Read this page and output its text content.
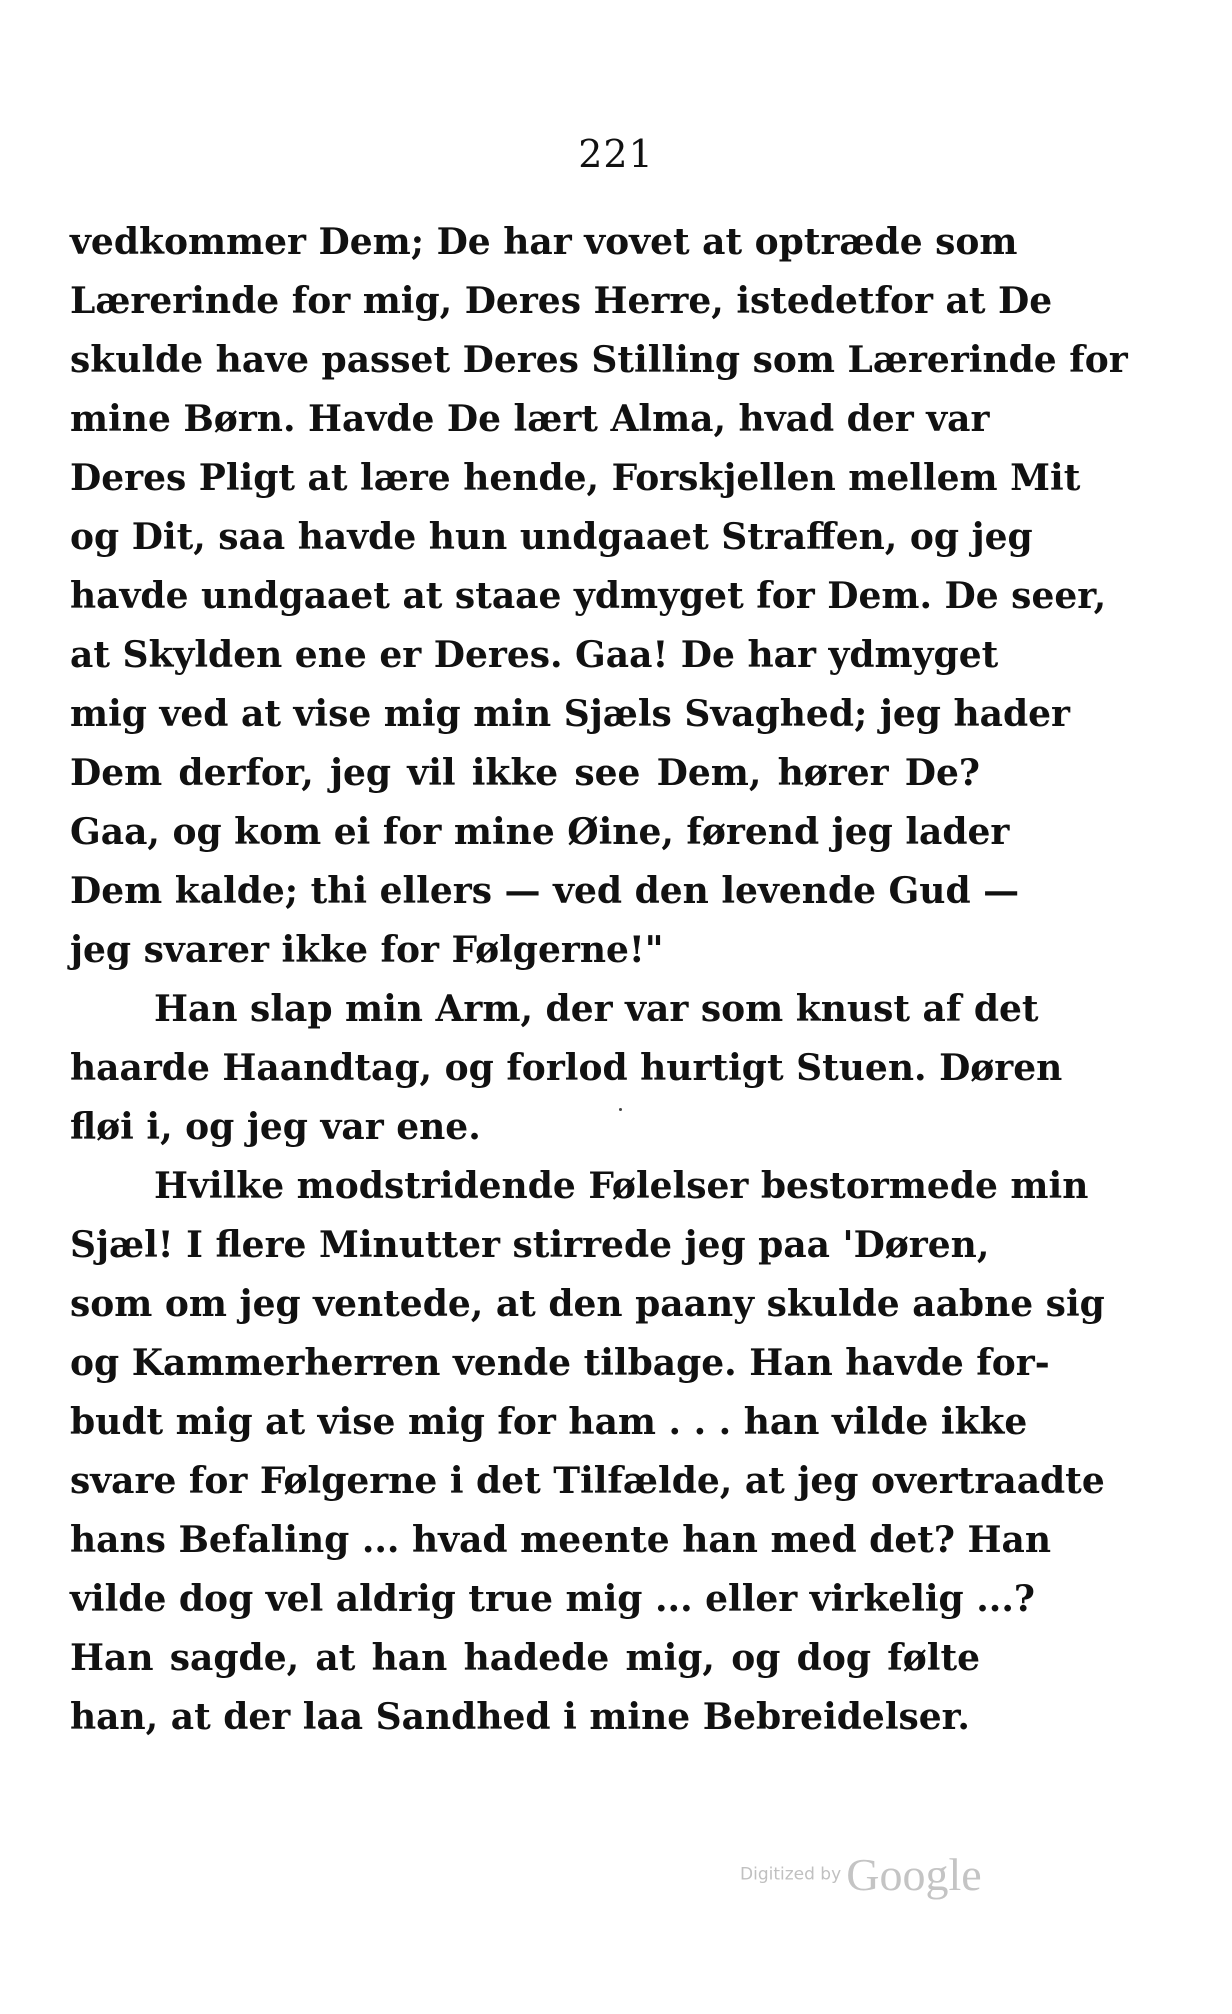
221
vedkommer Dem; De har vovet at optræde som
Lærerinde for mig, Deres Herre, istedetfor at De
skulde have passet Deres Stilling som Lærerinde for
mine Børn. Havde De lært Alma, hvad der var
Deres Pligt at lære hende, Forskjellen mellem Mit
og Dit, saa havde hun undgaaet Straffen, og jeg
havde undgaaet at staae ydmyget for Dem. De seer,
at Skylden ene er Deres. Gaa! De har ydmyget
mig ved at vise mig min Sjæls Svaghed; jeg hader
Dem derfor, jeg vil ikke see Dem, hører De?
Gaa, og kom ei for mine Øine, førend jeg lader
Dem kalde; thi ellers — ved den levende Gud —
jeg svarer ikke for Følgerne!"
Han slap min Arm, der var som knust af det
haarde Haandtag, og forlod hurtigt Stuen. Døren
fløi i, og jeg var ene.
Hvilke modstridende Følelser bestormede min
Sjæl! I flere Minutter stirrede jeg paa 'Døren,
som om jeg ventede, at den paany skulde aabne sig
og Kammerherren vende tilbage. Han havde for-
budt mig at vise mig for ham . . . han vilde ikke
svare for Følgerne i det Tilfælde, at jeg overtraadte
hans Befaling ... hvad meente han med det? Han
vilde dog vel aldrig true mig ... eller virkelig ...?
Han sagde, at han hadede mig, og dog følte
han, at der laa Sandhed i mine Bebreidelser.
Digitized by Google
